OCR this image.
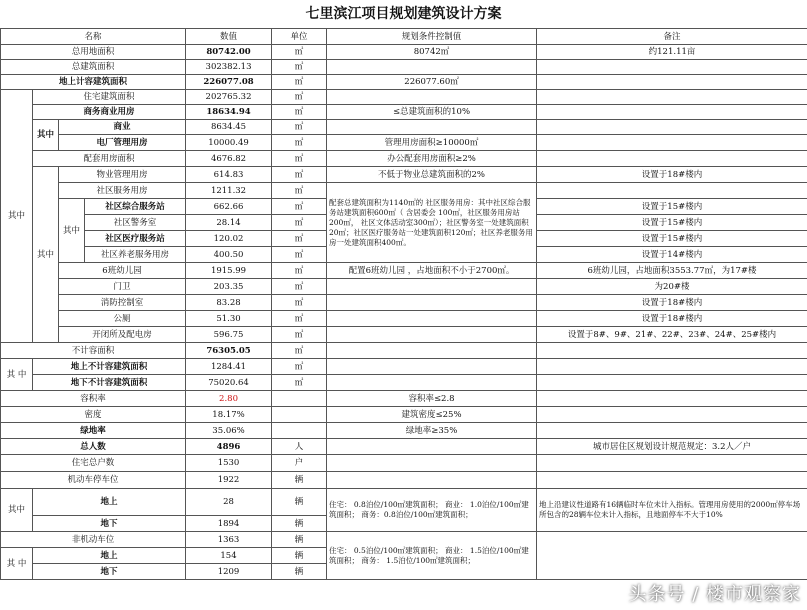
七里滨江项目规划建筑设计方案
名称				数值	单位	规划条件控制值	备注
总用地面积				80742.00	㎡	80742㎡	约121.11亩
总建筑面积				302382.13	㎡		
地上计容建筑面积				226077.08	㎡	226077.60㎡	
其中	住宅建筑面积			202765.32	㎡		
	商务商业用房			18634.94	㎡	≤总建筑面积的10%	
	其中	商业		8634.45	㎡		
		电厂管理用房		10000.49	㎡	管理用房面积≥10000㎡	
	配套用房面积			4676.82	㎡	办公配套用房面积≥2%	
	其中	物业管理用房		614.83	㎡	不低于物业总建筑面积的2%	设置于18#楼内
		社区服务用房		1211.32	㎡	配套总建筑面积为1140㎡的 社区服务用房：其中社区综合服务站建筑面积600㎡（ 含居委会 100㎡，社区服务用房站200㎡， 社区文体活动室300㎡）；社区警务室一处建筑面积20㎡；社区医疗服务站一处建筑面积120㎡；社区养老服务用房一处建筑面积400㎡。	
		其中	社区综合服务站	662.66	㎡		设置于15#楼内
			社区警务室	28.14	㎡		设置于15#楼内
			社区医疗服务站	120.02	㎡		设置于15#楼内
			社区养老服务用房	400.50	㎡		设置于14#楼内
		6班幼儿园		1915.99	㎡	配置6班幼儿园 ，占地面积不小于2700㎡。	6班幼儿园，占地面积3553.77㎡，为17#楼
		门卫		203.35	㎡		为20#楼
		消防控制室		83.28	㎡		设置于18#楼内
		公厕		51.30	㎡		设置于18#楼内
		开闭所及配电房		596.75	㎡		设置于8#、9#、21#、22#、23#、24#、25#楼内
不计容面积				76305.05	㎡		
其 中	地上不计容建筑面积			1284.41	㎡		
	地下不计容建筑面积			75020.64	㎡		
容积率				2.80		容积率≤2.8	
密度				18.17%		建筑密度≤25%	
绿地率				35.06%		绿地率≥35%	
总人数				4896	人		城市居住区规划设计规范规定：3.2人／户
住宅总户数				1530	户		
机动车停车位				1922	辆		
其中	地上			28	辆	住宅： 0.8泊位/100㎡建筑面积； 商业： 1.0泊位/100㎡建筑面积； 商务：0.8泊位/100㎡建筑面积；	地上沿建议性道路有16辆临时车位未计入指标。管理用房使用的2000㎡停车场所包含的28辆车位未计入指标，且地面停车不大于10%
	地下			1894	辆		
非机动车位				1363	辆	住宅： 0.5泊位/100㎡建筑面积； 商业： 1.5泊位/100㎡建筑面积； 商务： 1.5泊位/100㎡建筑面积；	
其 中	地上			154	辆		
	地下			1209	辆		
头条号 / 楼市观察家
